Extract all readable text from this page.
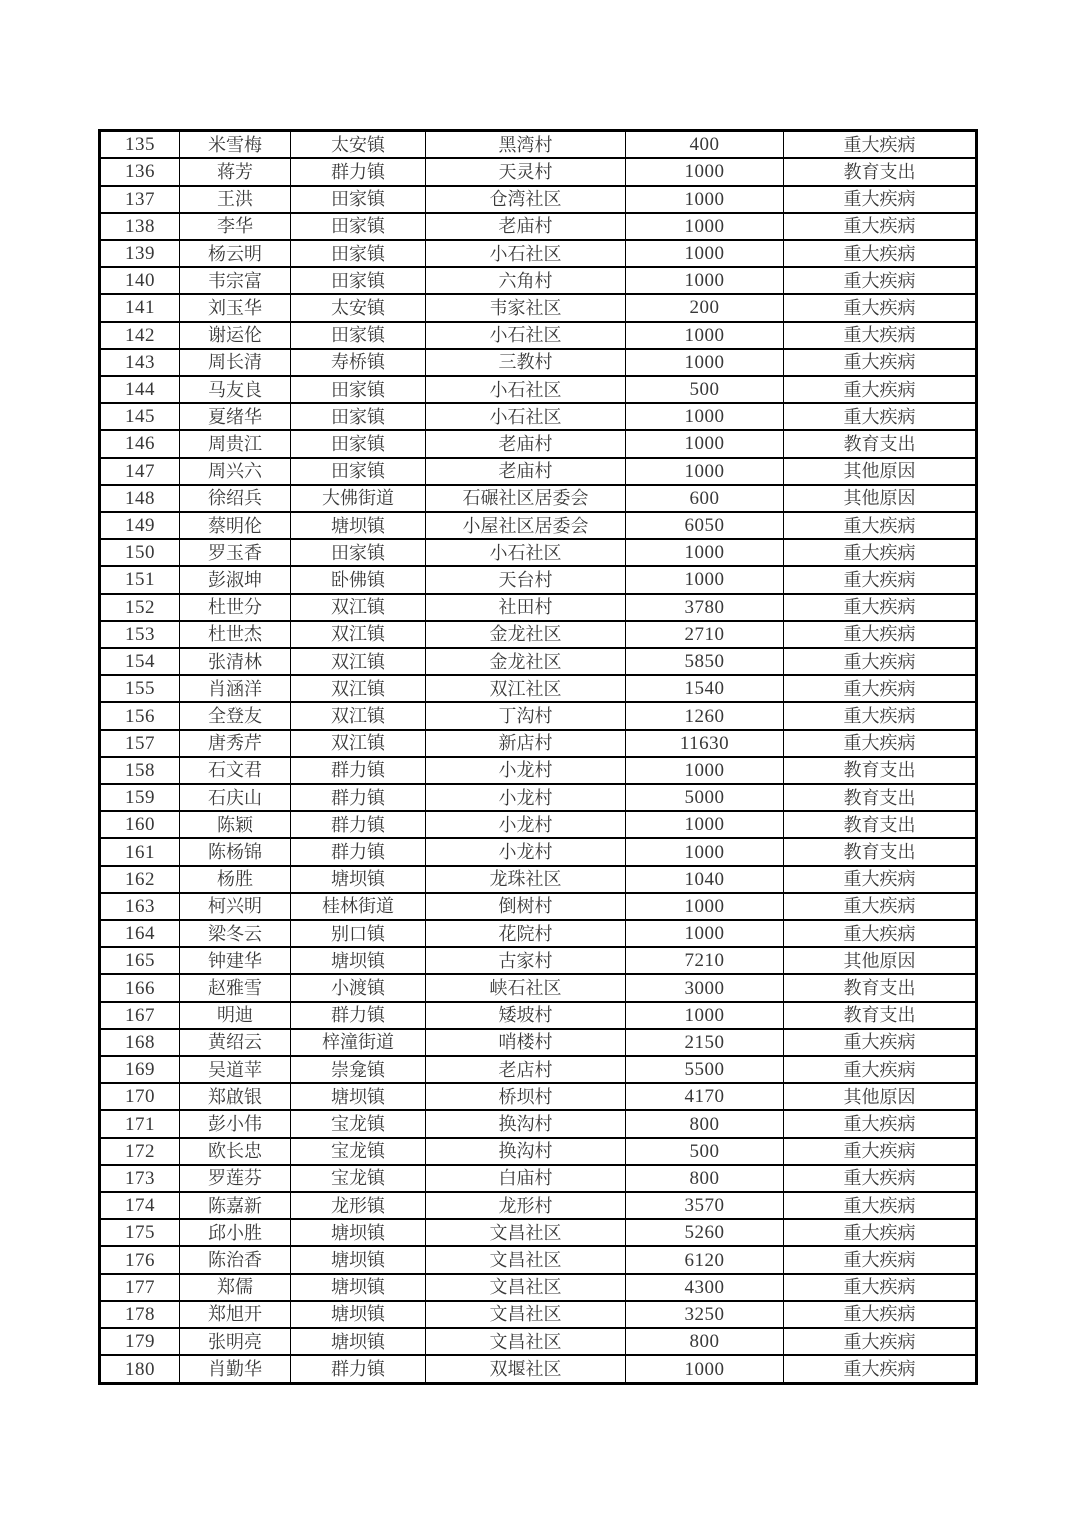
135	米雪梅	太安镇	黑湾村	400	重大疾病
136	蒋芳	群力镇	天灵村	1000	教育支出
137	王洪	田家镇	仓湾社区	1000	重大疾病
138	李华	田家镇	老庙村	1000	重大疾病
139	杨云明	田家镇	小石社区	1000	重大疾病
140	韦宗富	田家镇	六角村	1000	重大疾病
141	刘玉华	太安镇	韦家社区	200	重大疾病
142	谢运伦	田家镇	小石社区	1000	重大疾病
143	周长清	寿桥镇	三教村	1000	重大疾病
144	马友良	田家镇	小石社区	500	重大疾病
145	夏绪华	田家镇	小石社区	1000	重大疾病
146	周贵江	田家镇	老庙村	1000	教育支出
147	周兴六	田家镇	老庙村	1000	其他原因
148	徐绍兵	大佛街道	石碾社区居委会	600	其他原因
149	蔡明伦	塘坝镇	小屋社区居委会	6050	重大疾病
150	罗玉香	田家镇	小石社区	1000	重大疾病
151	彭淑坤	卧佛镇	天台村	1000	重大疾病
152	杜世分	双江镇	社田村	3780	重大疾病
153	杜世杰	双江镇	金龙社区	2710	重大疾病
154	张清林	双江镇	金龙社区	5850	重大疾病
155	肖涵洋	双江镇	双江社区	1540	重大疾病
156	全登友	双江镇	丁沟村	1260	重大疾病
157	唐秀芹	双江镇	新店村	11630	重大疾病
158	石文君	群力镇	小龙村	1000	教育支出
159	石庆山	群力镇	小龙村	5000	教育支出
160	陈颖	群力镇	小龙村	1000	教育支出
161	陈杨锦	群力镇	小龙村	1000	教育支出
162	杨胜	塘坝镇	龙珠社区	1040	重大疾病
163	柯兴明	桂林街道	倒树村	1000	重大疾病
164	梁冬云	别口镇	花院村	1000	重大疾病
165	钟建华	塘坝镇	古家村	7210	其他原因
166	赵雅雪	小渡镇	峡石社区	3000	教育支出
167	明迪	群力镇	矮坡村	1000	教育支出
168	黄绍云	梓潼街道	哨楼村	2150	重大疾病
169	吴道苹	崇龛镇	老店村	5500	重大疾病
170	郑啟银	塘坝镇	桥坝村	4170	其他原因
171	彭小伟	宝龙镇	换沟村	800	重大疾病
172	欧长忠	宝龙镇	换沟村	500	重大疾病
173	罗莲芬	宝龙镇	白庙村	800	重大疾病
174	陈嘉新	龙形镇	龙形村	3570	重大疾病
175	邱小胜	塘坝镇	文昌社区	5260	重大疾病
176	陈治香	塘坝镇	文昌社区	6120	重大疾病
177	郑儒	塘坝镇	文昌社区	4300	重大疾病
178	郑旭开	塘坝镇	文昌社区	3250	重大疾病
179	张明亮	塘坝镇	文昌社区	800	重大疾病
180	肖勤华	群力镇	双堰社区	1000	重大疾病
